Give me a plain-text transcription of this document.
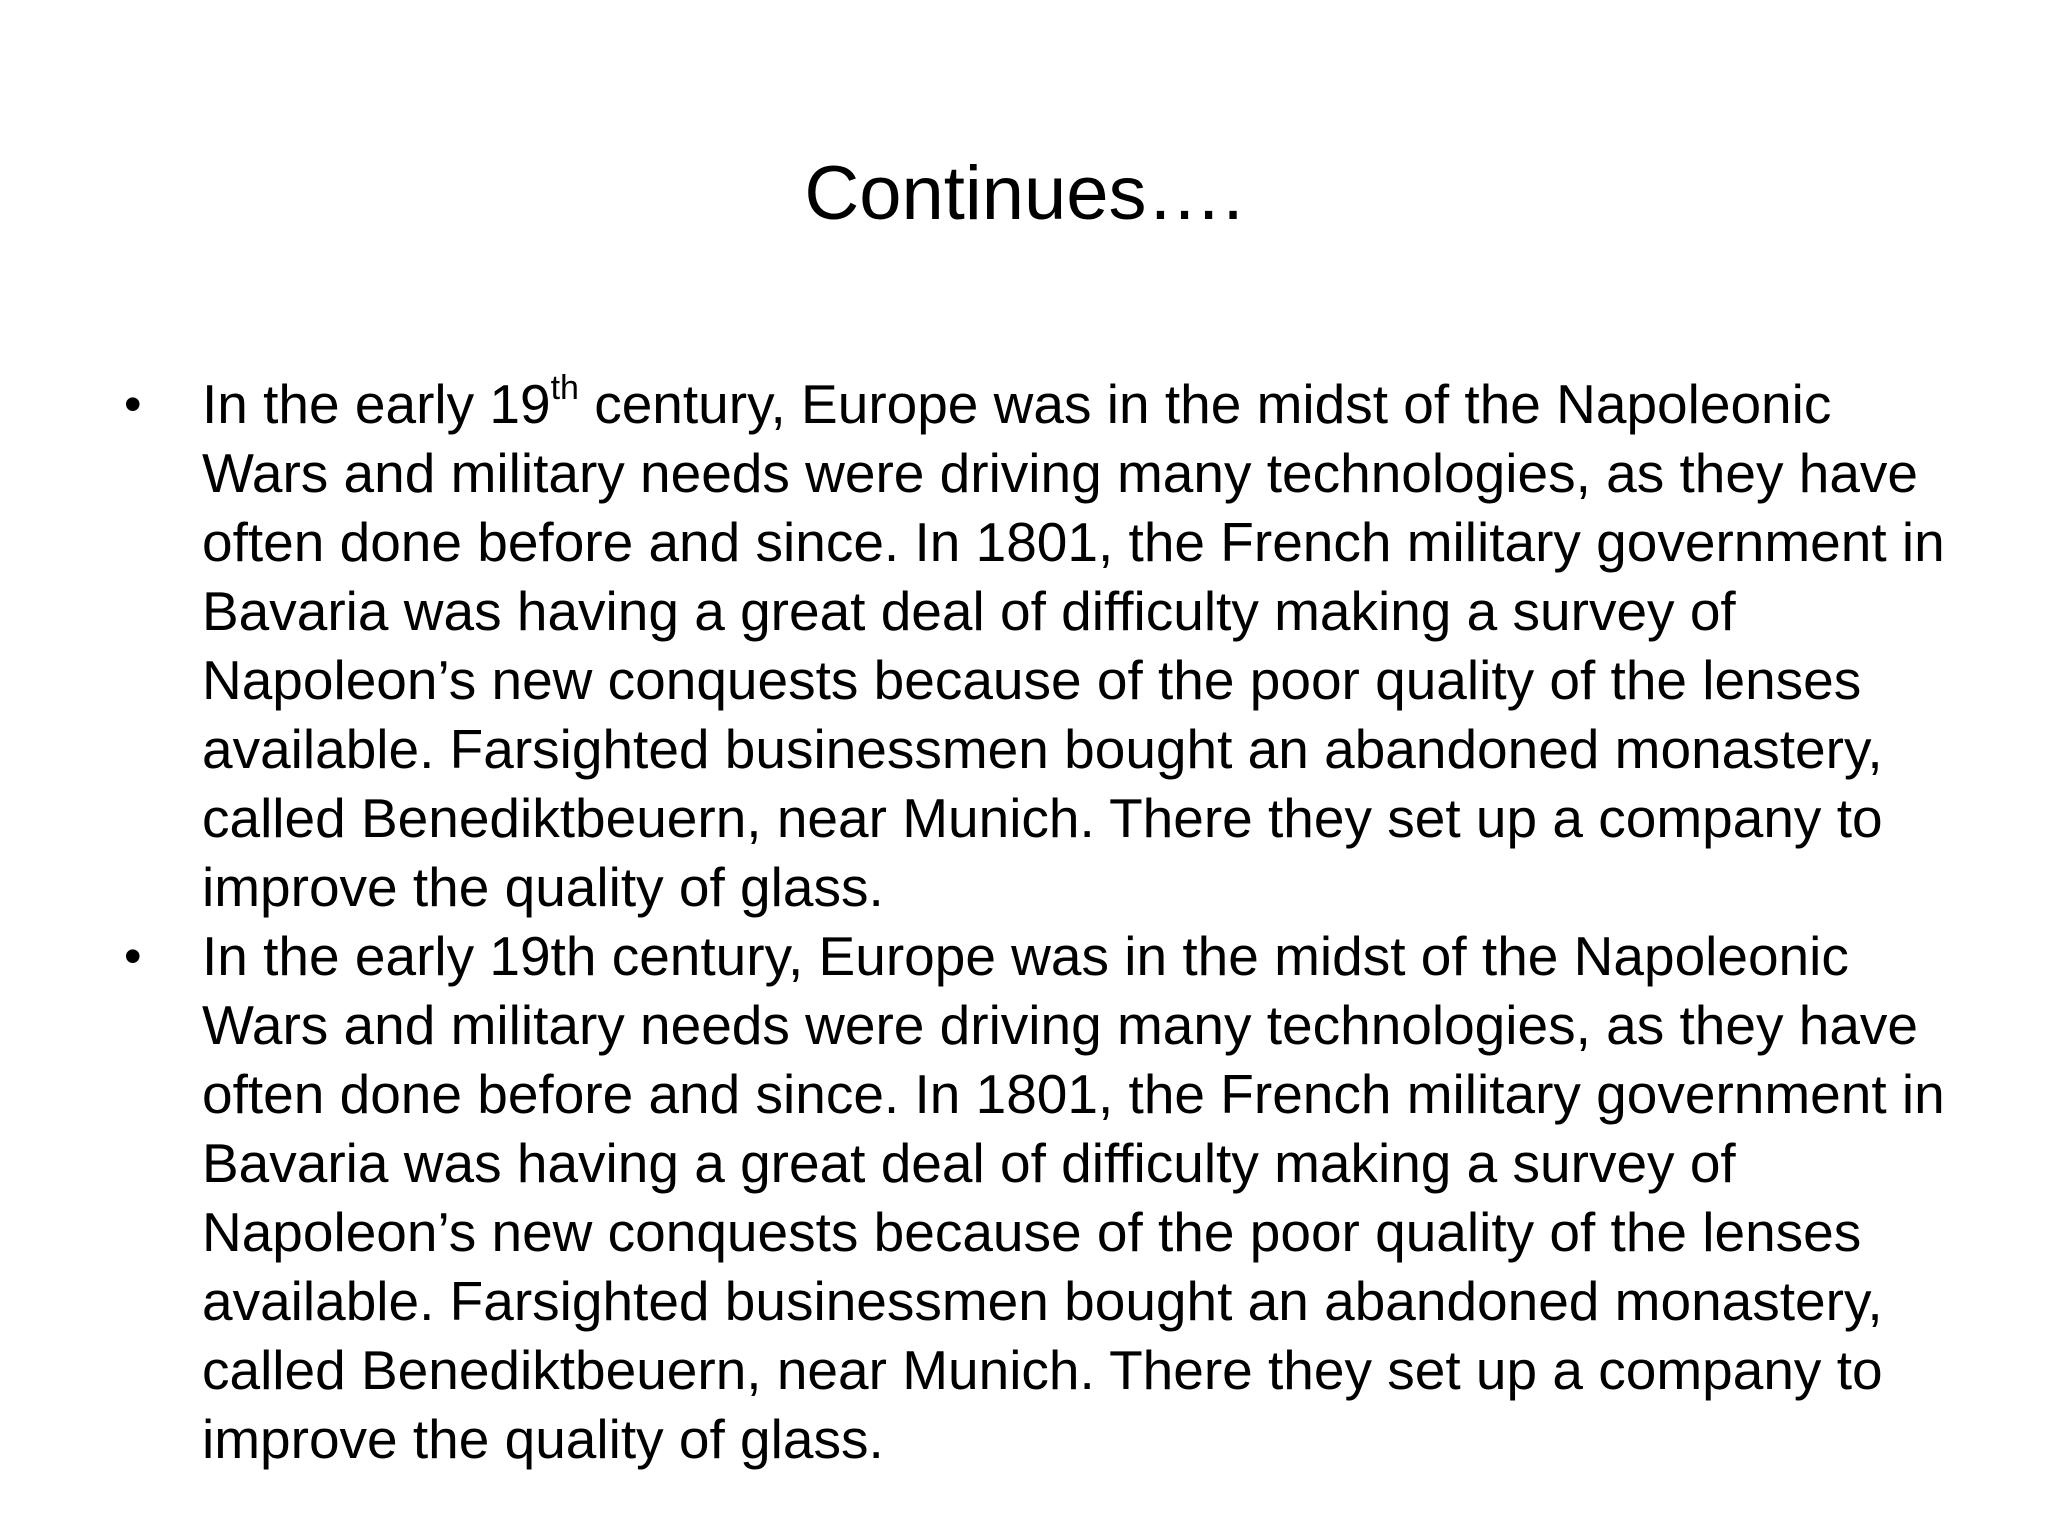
Continues….
• In the early 19th century, Europe was in the midst of the Napoleonic Wars and military needs were driving many technologies, as they have often done before and since. In 1801, the French military government in Bavaria was having a great deal of difficulty making a survey of Napoleon’s new conquests because of the poor quality of the lenses available. Farsighted businessmen bought an abandoned monastery, called Benediktbeuern, near Munich. There they set up a company to improve the quality of glass.
• In the early 19th century, Europe was in the midst of the Napoleonic Wars and military needs were driving many technologies, as they have often done before and since. In 1801, the French military government in Bavaria was having a great deal of difficulty making a survey of Napoleon’s new conquests because of the poor quality of the lenses available. Farsighted businessmen bought an abandoned monastery, called Benediktbeuern, near Munich. There they set up a company to improve the quality of glass.
